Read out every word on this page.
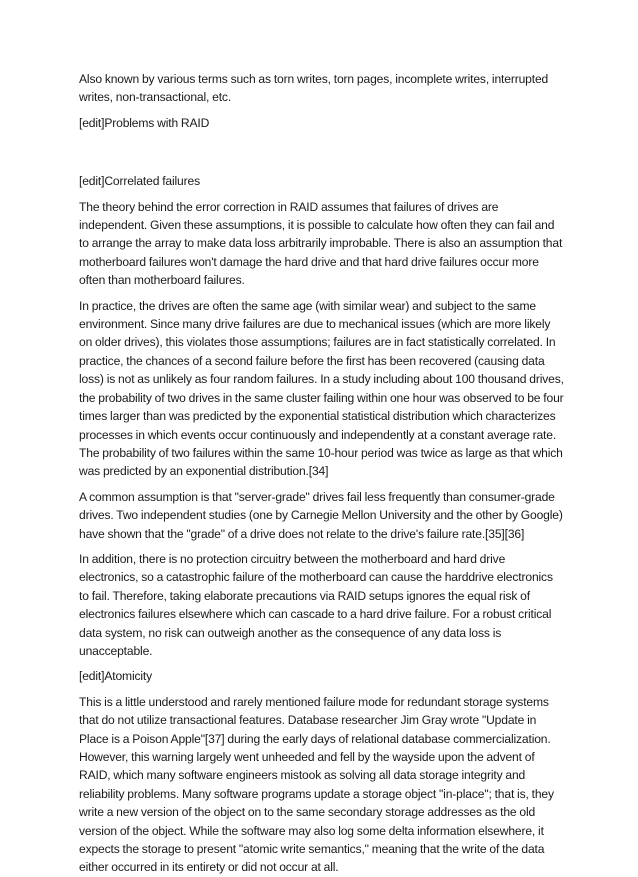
Also known by various terms such as torn writes, torn pages, incomplete writes, interrupted writes, non-transactional, etc.

[edit]Problems with RAID

[edit]Correlated failures

The theory behind the error correction in RAID assumes that failures of drives are independent. Given these assumptions, it is possible to calculate how often they can fail and to arrange the array to make data loss arbitrarily improbable. There is also an assumption that motherboard failures won't damage the hard drive and that hard drive failures occur more often than motherboard failures.

In practice, the drives are often the same age (with similar wear) and subject to the same environment. Since many drive failures are due to mechanical issues (which are more likely on older drives), this violates those assumptions; failures are in fact statistically correlated. In practice, the chances of a second failure before the first has been recovered (causing data loss) is not as unlikely as four random failures. In a study including about 100 thousand drives, the probability of two drives in the same cluster failing within one hour was observed to be four times larger than was predicted by the exponential statistical distribution which characterizes processes in which events occur continuously and independently at a constant average rate. The probability of two failures within the same 10-hour period was twice as large as that which was predicted by an exponential distribution.[34]

A common assumption is that "server-grade" drives fail less frequently than consumer-grade drives. Two independent studies (one by Carnegie Mellon University and the other by Google) have shown that the "grade" of a drive does not relate to the drive's failure rate.[35][36]

In addition, there is no protection circuitry between the motherboard and hard drive electronics, so a catastrophic failure of the motherboard can cause the harddrive electronics to fail. Therefore, taking elaborate precautions via RAID setups ignores the equal risk of electronics failures elsewhere which can cascade to a hard drive failure. For a robust critical data system, no risk can outweigh another as the consequence of any data loss is unacceptable.

[edit]Atomicity

This is a little understood and rarely mentioned failure mode for redundant storage systems that do not utilize transactional features. Database researcher Jim Gray wrote "Update in Place is a Poison Apple"[37] during the early days of relational database commercialization. However, this warning largely went unheeded and fell by the wayside upon the advent of RAID, which many software engineers mistook as solving all data storage integrity and reliability problems. Many software programs update a storage object "in-place"; that is, they write a new version of the object on to the same secondary storage addresses as the old version of the object. While the software may also log some delta information elsewhere, it expects the storage to present "atomic write semantics," meaning that the write of the data either occurred in its entirety or did not occur at all.
